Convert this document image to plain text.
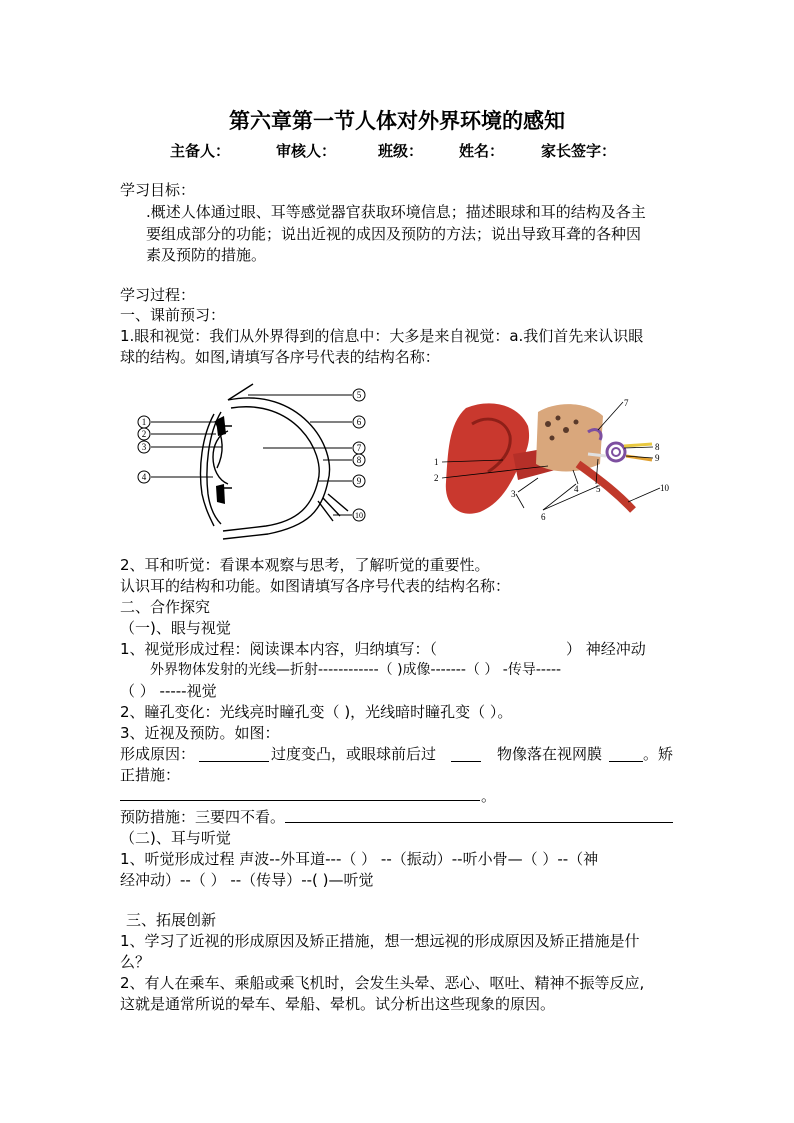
第六章第一节人体对外界环境的感知
主备人：	审核人：	班级： 姓名： 家长签字：
学习目标：
.概述人体通过眼、耳等感觉器官获取环境信息；描述眼球和耳的结构及各主
要组成部分的功能；说出近视的成因及预防的方法；说出导致耳聋的各种因
素及预防的措施。
学习过程：
一、课前预习：
1.眼和视觉：我们从外界得到的信息中：大多是来自视觉：a.我们首先来认识眼
球的结构。如图,请填写各序号代表的结构名称：
1
2
3
4
5
6
7
8
9
10
1
2
3	4 5
6
7
8
9
10
2、耳和听觉：看课本观察与思考，了解听觉的重要性。
认识耳的结构和功能。如图请填写各序号代表的结构名称：
二、合作探究
（一)、眼与视觉
1、视觉形成过程：阅读课本内容，归纳填写：（	） 神经冲动
外界物体发射的光线—折射------------（ )成像-------（ ） -传导-----
（ ） -----视觉
2、瞳孔变化：光线亮时瞳孔变（ )，光线暗时瞳孔变（ ）。
3、近视及预防。如图：
形成原因：	过度变凸，或眼球前后过	物像落在视网膜	。矫
正措施：
。
预防措施：三要四不看。
（二)、耳与听觉
1、听觉形成过程 声波--外耳道---（ ） --（振动）--听小骨—（ ）--（神
经冲动）--（ ） --（传导）--( )—听觉
三、拓展创新
1、学习了近视的形成原因及矫正措施，想一想远视的形成原因及矫正措施是什
么？
2、有人在乘车、乘船或乘飞机时，会发生头晕、恶心、呕吐、精神不振等反应,
这就是通常所说的晕车、晕船、晕机。试分析出这些现象的原因。
